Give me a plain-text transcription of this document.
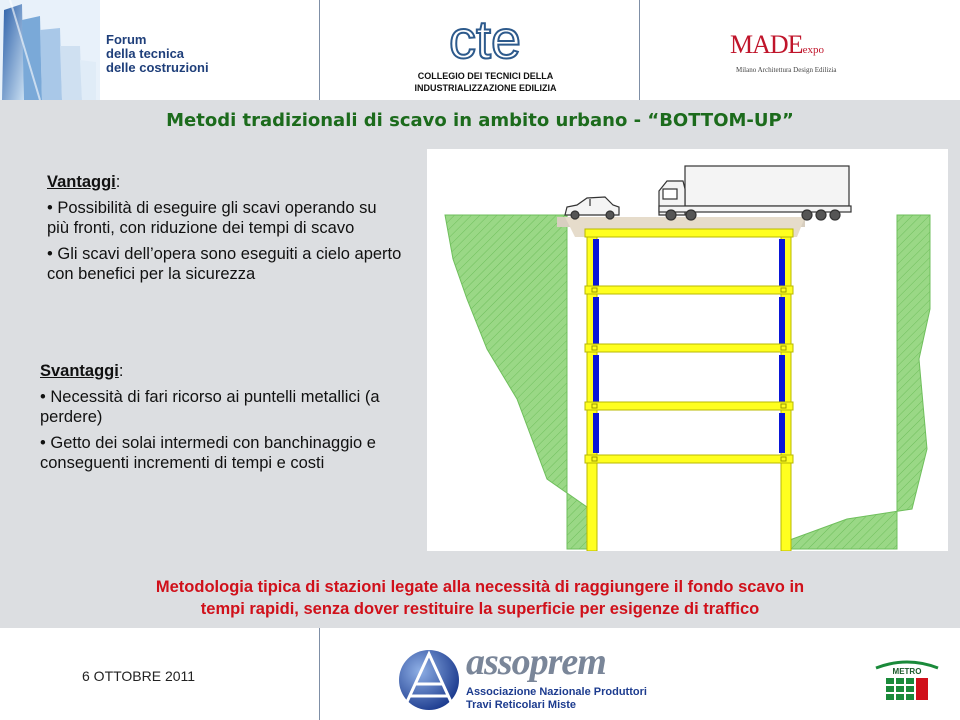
Forum
della tecnica
delle costruzioni	cte
COLLEGIO DEI TECNICI DELLA
INDUSTRIALIZZAZIONE EDILIZIA
MADEexpo
Milano Architettura Design Edilizia
Metodi tradizionali di scavo in ambito urbano - “BOTTOM-UP”
Vantaggi:
• Possibilità di eseguire gli scavi operando su più fronti, con riduzione dei tempi di scavo
• Gli scavi dell’opera sono eseguiti a cielo aperto con benefici per la sicurezza
Svantaggi:
• Necessità di fari ricorso ai puntelli metallici (a perdere)
• Getto dei solai intermedi con banchinaggio e conseguenti incrementi di tempi e costi
Metodologia tipica di stazioni legate alla necessità di raggiungere il fondo scavo in
tempi rapidi, senza dover restituire la superficie per esigenze di traffico
6 OTTOBRE 2011	assoprem
Associazione Nazionale Produttori
Travi Reticolari Miste
METRO
